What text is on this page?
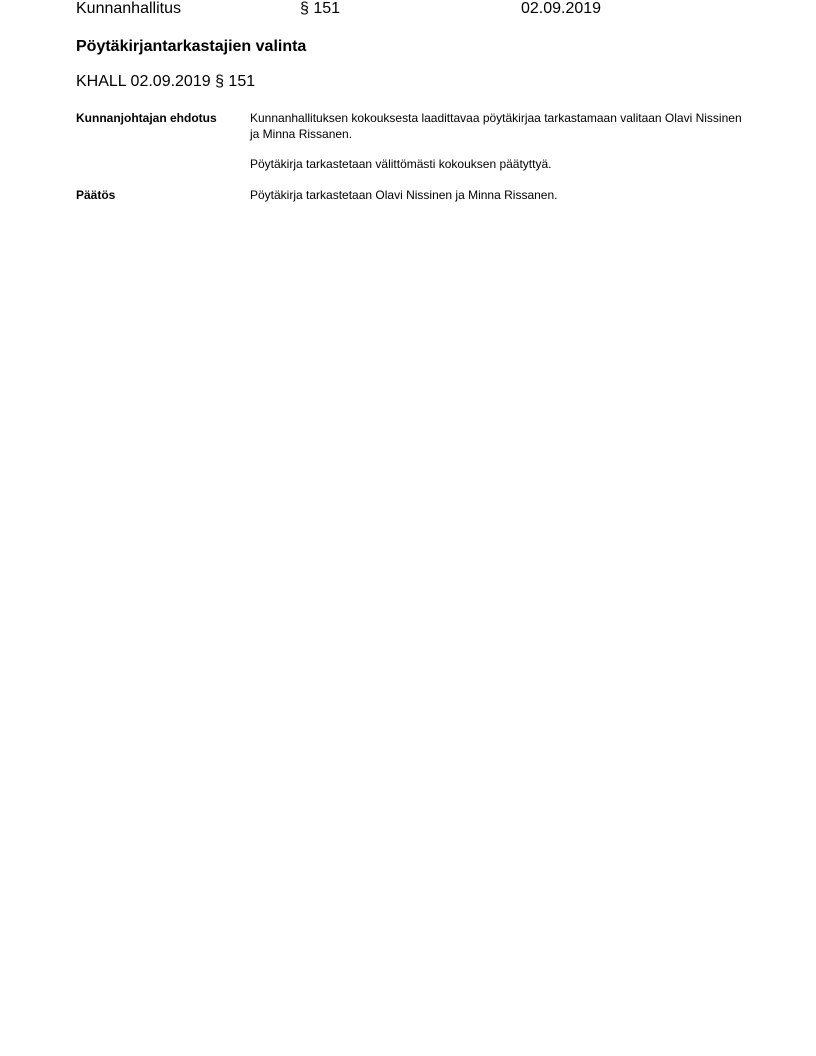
Kunnanhallitus	§ 151	02.09.2019
Pöytäkirjantarkastajien valinta
KHALL 02.09.2019 § 151
Kunnanjohtajan ehdotus	Kunnanhallituksen kokouksesta laadittavaa pöytäkirjaa tarkastamaan valitaan Olavi Nissinen ja Minna Rissanen.

Pöytäkirja tarkastetaan välittömästi kokouksen päätyttyä.

Päätös	Pöytäkirja tarkastetaan Olavi Nissinen ja Minna Rissanen.
